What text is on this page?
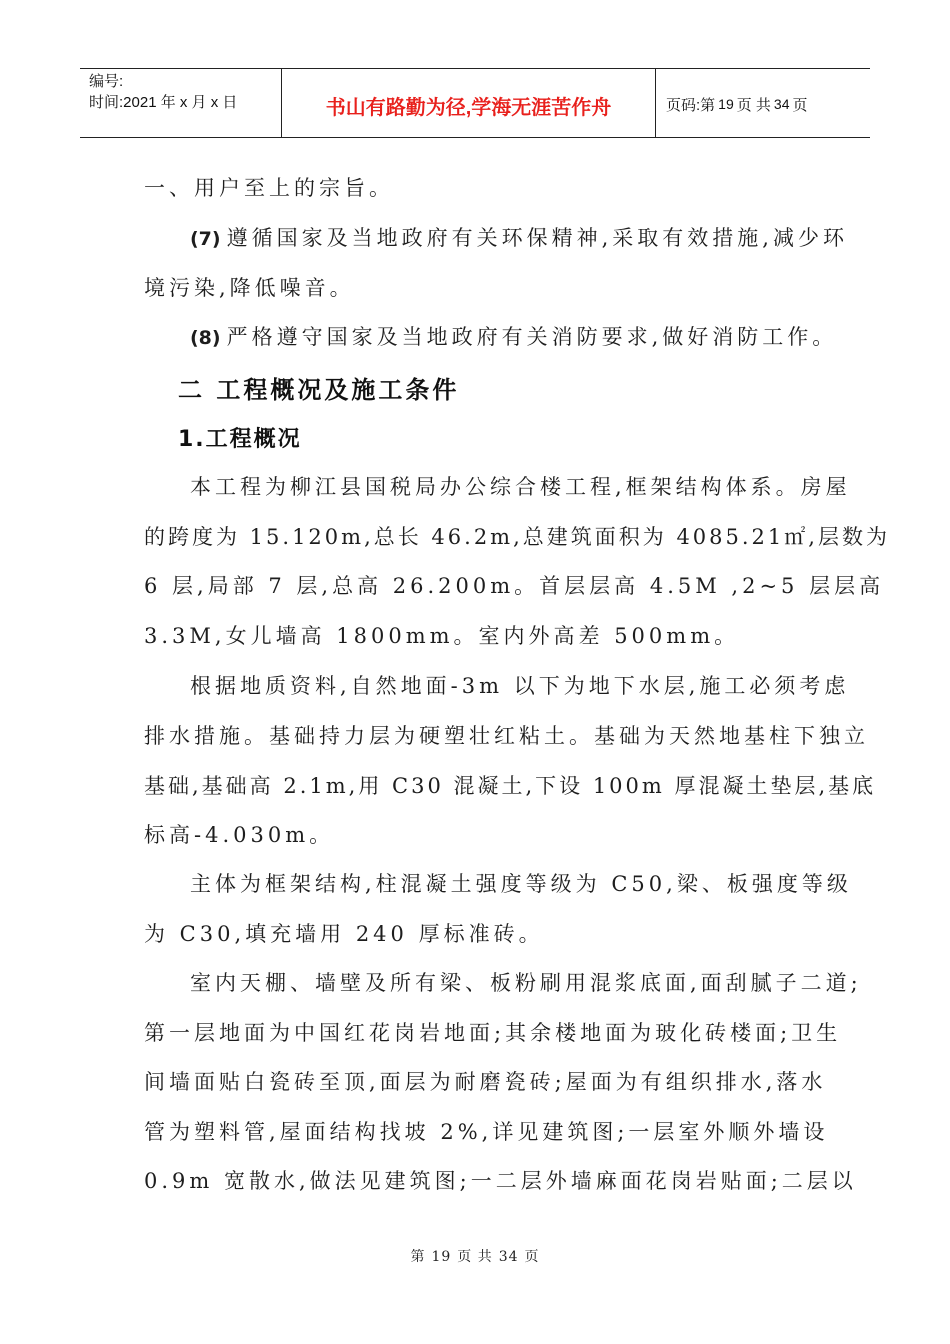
编号:
时间:2021 年 x 月 x 日	书山有路勤为径,学海无涯苦作舟	页码:第 19 页 共 34 页
一、用户至上的宗旨。
(7) 遵循国家及当地政府有关环保精神,采取有效措施,减少环
境污染,降低噪音。
(8) 严格遵守国家及当地政府有关消防要求,做好消防工作。
二 工程概况及施工条件
1.工程概况
本工程为柳江县国税局办公综合楼工程,框架结构体系。房屋
的跨度为 15.120m,总长 46.2m,总建筑面积为 4085.21㎡,层数为
6 层,局部 7 层,总高 26.200m。首层层高 4.5M ,2~5 层层高
3.3M,女儿墙高 1800mm。室内外高差 500mm。
根据地质资料,自然地面-3m 以下为地下水层,施工必须考虑
排水措施。基础持力层为硬塑壮红粘土。基础为天然地基柱下独立
基础,基础高 2.1m,用 C30 混凝土,下设 100m 厚混凝土垫层,基底
标高-4.030m。
主体为框架结构,柱混凝土强度等级为 C50,梁、板强度等级
为 C30,填充墙用 240 厚标准砖。
室内天棚、墙壁及所有梁、板粉刷用混浆底面,面刮腻子二道;
第一层地面为中国红花岗岩地面;其余楼地面为玻化砖楼面;卫生
间墙面贴白瓷砖至顶,面层为耐磨瓷砖;屋面为有组织排水,落水
管为塑料管,屋面结构找坡 2%,详见建筑图;一层室外顺外墙设
0.9m 宽散水,做法见建筑图;一二层外墙麻面花岗岩贴面;二层以
第 19 页 共 34 页
